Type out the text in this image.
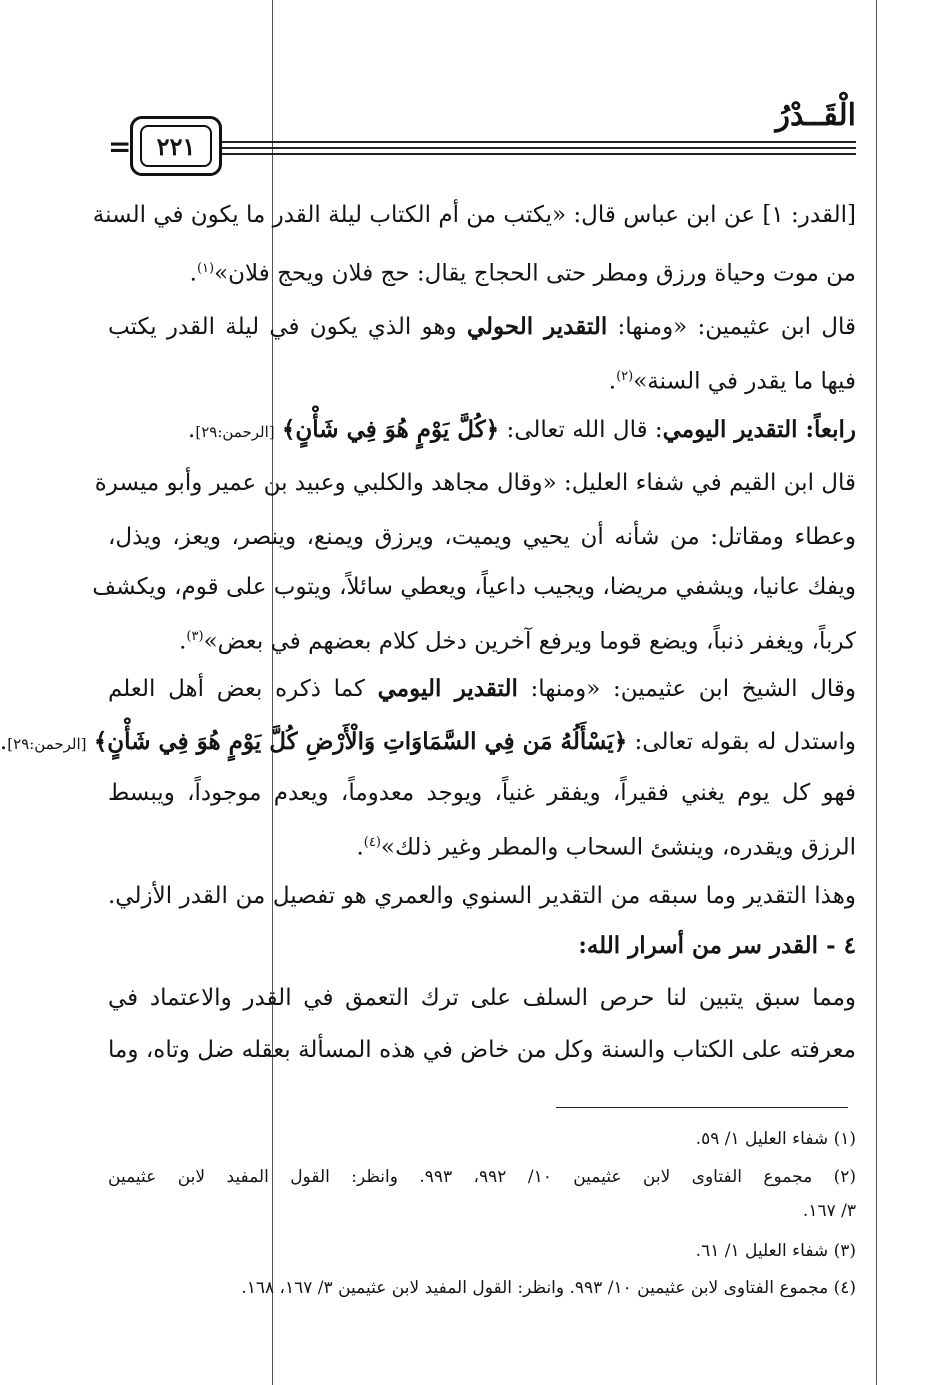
الْقَــدْرُ
٢٢١
=
[القدر: ١] عن ابن عباس قال: «يكتب من أم الكتاب ليلة القدر ما يكون في السنة
من موت وحياة ورزق ومطر حتى الحجاج يقال: حج فلان ويحج فلان»$^{(١)}$.
قال ابن عثيمين: «ومنها: التقدير الحولي وهو الذي يكون في ليلة القدر يكتب
فيها ما يقدر في السنة»$^{(٢)}$.
رابعاً: التقدير اليومي: قال الله تعالى: ﴿كُلَّ يَوْمٍ هُوَ فِي شَأْنٍ﴾ [الرحمن:٢٩].
قال ابن القيم في شفاء العليل: «وقال مجاهد والكلبي وعبيد بن عمير وأبو ميسرة
وعطاء ومقاتل: من شأنه أن يحيي ويميت، ويرزق ويمنع، وينصر، ويعز، ويذل،
ويفك عانيا، ويشفي مريضا، ويجيب داعياً، ويعطي سائلاً، ويتوب على قوم، ويكشف
كرباً، ويغفر ذنباً، ويضع قوما ويرفع آخرين دخل كلام بعضهم في بعض»$^{(٣)}$.
وقال الشيخ ابن عثيمين: «ومنها: التقدير اليومي كما ذكره بعض أهل العلم
واستدل له بقوله تعالى: ﴿يَسْأَلُهُ مَن فِي السَّمَاوَاتِ وَالْأَرْضِ كُلَّ يَوْمٍ هُوَ فِي شَأْنٍ﴾ [الرحمن:٢٩].
فهو كل يوم يغني فقيراً، ويفقر غنياً، ويوجد معدوماً، ويعدم موجوداً، ويبسط
الرزق ويقدره، وينشئ السحاب والمطر وغير ذلك»$^{(٤)}$.
وهذا التقدير وما سبقه من التقدير السنوي والعمري هو تفصيل من القدر الأزلي.
٤ - القدر سر من أسرار الله:
ومما سبق يتبين لنا حرص السلف على ترك التعمق في القدر والاعتماد في
معرفته على الكتاب والسنة وكل من خاض في هذه المسألة بعقله ضل وتاه، وما
(١) شفاء العليل ١/ ٥٩.
(٢) مجموع الفتاوى لابن عثيمين ١٠/ ٩٩٢، ٩٩٣. وانظر: القول المفيد لابن عثيمين
٣/ ١٦٧.
(٣) شفاء العليل ١/ ٦١.
(٤) مجموع الفتاوى لابن عثيمين ١٠/ ٩٩٣. وانظر: القول المفيد لابن عثيمين ٣/ ١٦٧، ١٦٨.
